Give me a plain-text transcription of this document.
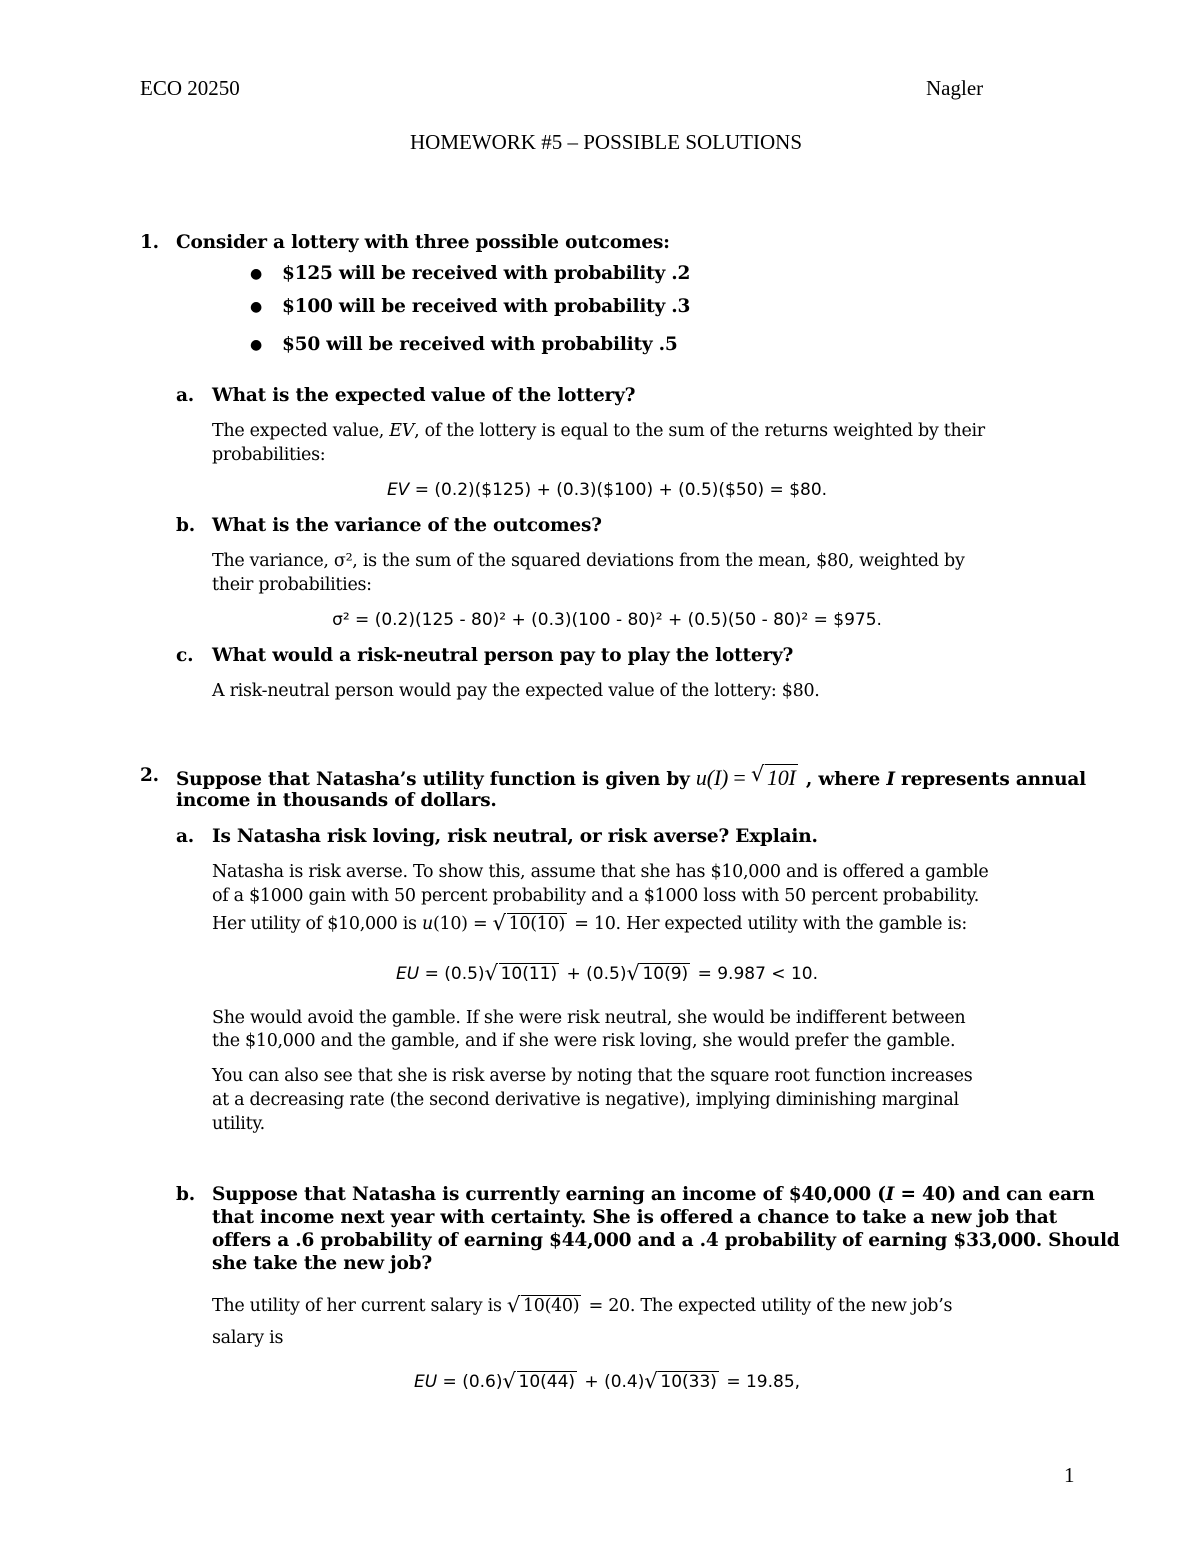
ECO 20250	Nagler
HOMEWORK #5 – POSSIBLE SOLUTIONS
1. Consider a lottery with three possible outcomes:
● $125 will be received with probability .2
● $100 will be received with probability .3
● $50 will be received with probability .5
a. What is the expected value of the lottery?
The expected value, EV, of the lottery is equal to the sum of the returns weighted by their
probabilities:
EV = (0.2)($125) + (0.3)($100) + (0.5)($50) = $80.
b. What is the variance of the outcomes?
The variance, σ², is the sum of the squared deviations from the mean, $80, weighted by
their probabilities:
σ² = (0.2)(125 - 80)² + (0.3)(100 - 80)² + (0.5)(50 - 80)² = $975.
c. What would a risk-neutral person pay to play the lottery?
A risk-neutral person would pay the expected value of the lottery: $80.
2. Suppose that Natasha’s utility function is given by u(I) = √ 10I , where I represents annual
income in thousands of dollars.
a. Is Natasha risk loving, risk neutral, or risk averse? Explain.
Natasha is risk averse. To show this, assume that she has $10,000 and is offered a gamble
of a $1000 gain with 50 percent probability and a $1000 loss with 50 percent probability.
Her utility of $10,000 is u(10) = √ 10(10) = 10. Her expected utility with the gamble is:
EU = (0.5) √ 10(11) + (0.5) √ 10(9) = 9.987 < 10.
She would avoid the gamble. If she were risk neutral, she would be indifferent between
the $10,000 and the gamble, and if she were risk loving, she would prefer the gamble.
You can also see that she is risk averse by noting that the square root function increases
at a decreasing rate (the second derivative is negative), implying diminishing marginal
utility.
b. Suppose that Natasha is currently earning an income of $40,000 (I = 40) and can earn
that income next year with certainty. She is offered a chance to take a new job that
offers a .6 probability of earning $44,000 and a .4 probability of earning $33,000. Should
she take the new job?
The utility of her current salary is √ 10(40) = 20. The expected utility of the new job’s
salary is
EU = (0.6) √ 10(44) + (0.4) √ 10(33) = 19.85,
1
